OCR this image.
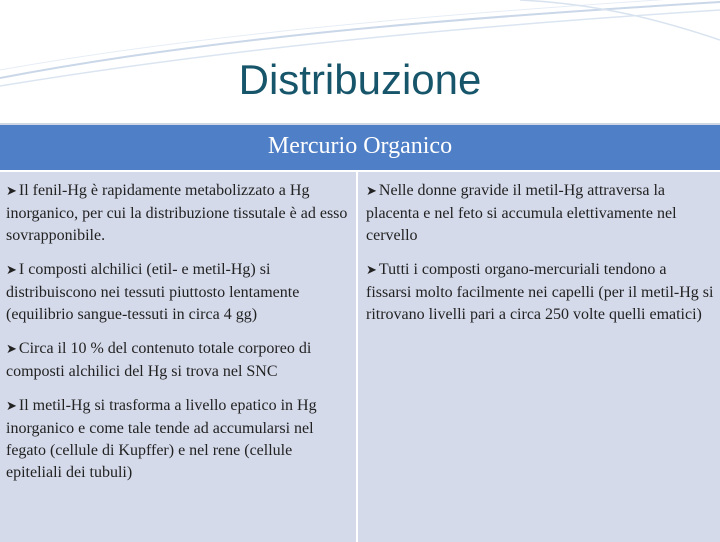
Distribuzione
Mercurio Organico

➤ Il fenil-Hg è rapidamente metabolizzato a Hg inorganico, per cui la distribuzione tissutale è ad esso sovrapponibile.

➤ I composti alchilici (etil- e metil-Hg) si distribuiscono nei tessuti piuttosto lentamente (equilibrio sangue-tessuti in circa 4 gg)

➤ Circa il 10 % del contenuto totale corporeo di composti alchilici del Hg si trova nel SNC

➤ Il metil-Hg si trasforma a livello epatico in Hg inorganico e come tale tende ad accumularsi nel fegato (cellule di Kupffer) e nel rene (cellule epiteliali dei tubuli)

➤ Nelle donne gravide il metil-Hg attraversa la placenta e nel feto si accumula elettivamente nel cervello

➤ Tutti i composti organo-mercuriali tendono a fissarsi molto facilmente nei capelli (per il metil-Hg si ritrovano livelli pari a circa 250 volte quelli ematici)
